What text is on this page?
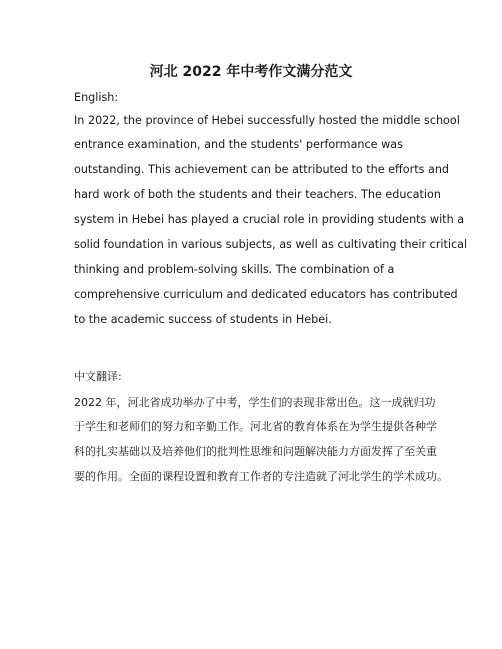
河北 2022 年中考作文满分范文
English:
In 2022, the province of Hebei successfully hosted the middle school
entrance examination, and the students' performance was
outstanding. This achievement can be attributed to the efforts and
hard work of both the students and their teachers. The education
system in Hebei has played a crucial role in providing students with a
solid foundation in various subjects, as well as cultivating their critical
thinking and problem-solving skills. The combination of a
comprehensive curriculum and dedicated educators has contributed
to the academic success of students in Hebei.
中文翻译:
2022 年，河北省成功举办了中考，学生们的表现非常出色。这一成就归功
于学生和老师们的努力和辛勤工作。河北省的教育体系在为学生提供各种学
科的扎实基础以及培养他们的批判性思维和问题解决能力方面发挥了至关重
要的作用。全面的课程设置和教育工作者的专注造就了河北学生的学术成功。
